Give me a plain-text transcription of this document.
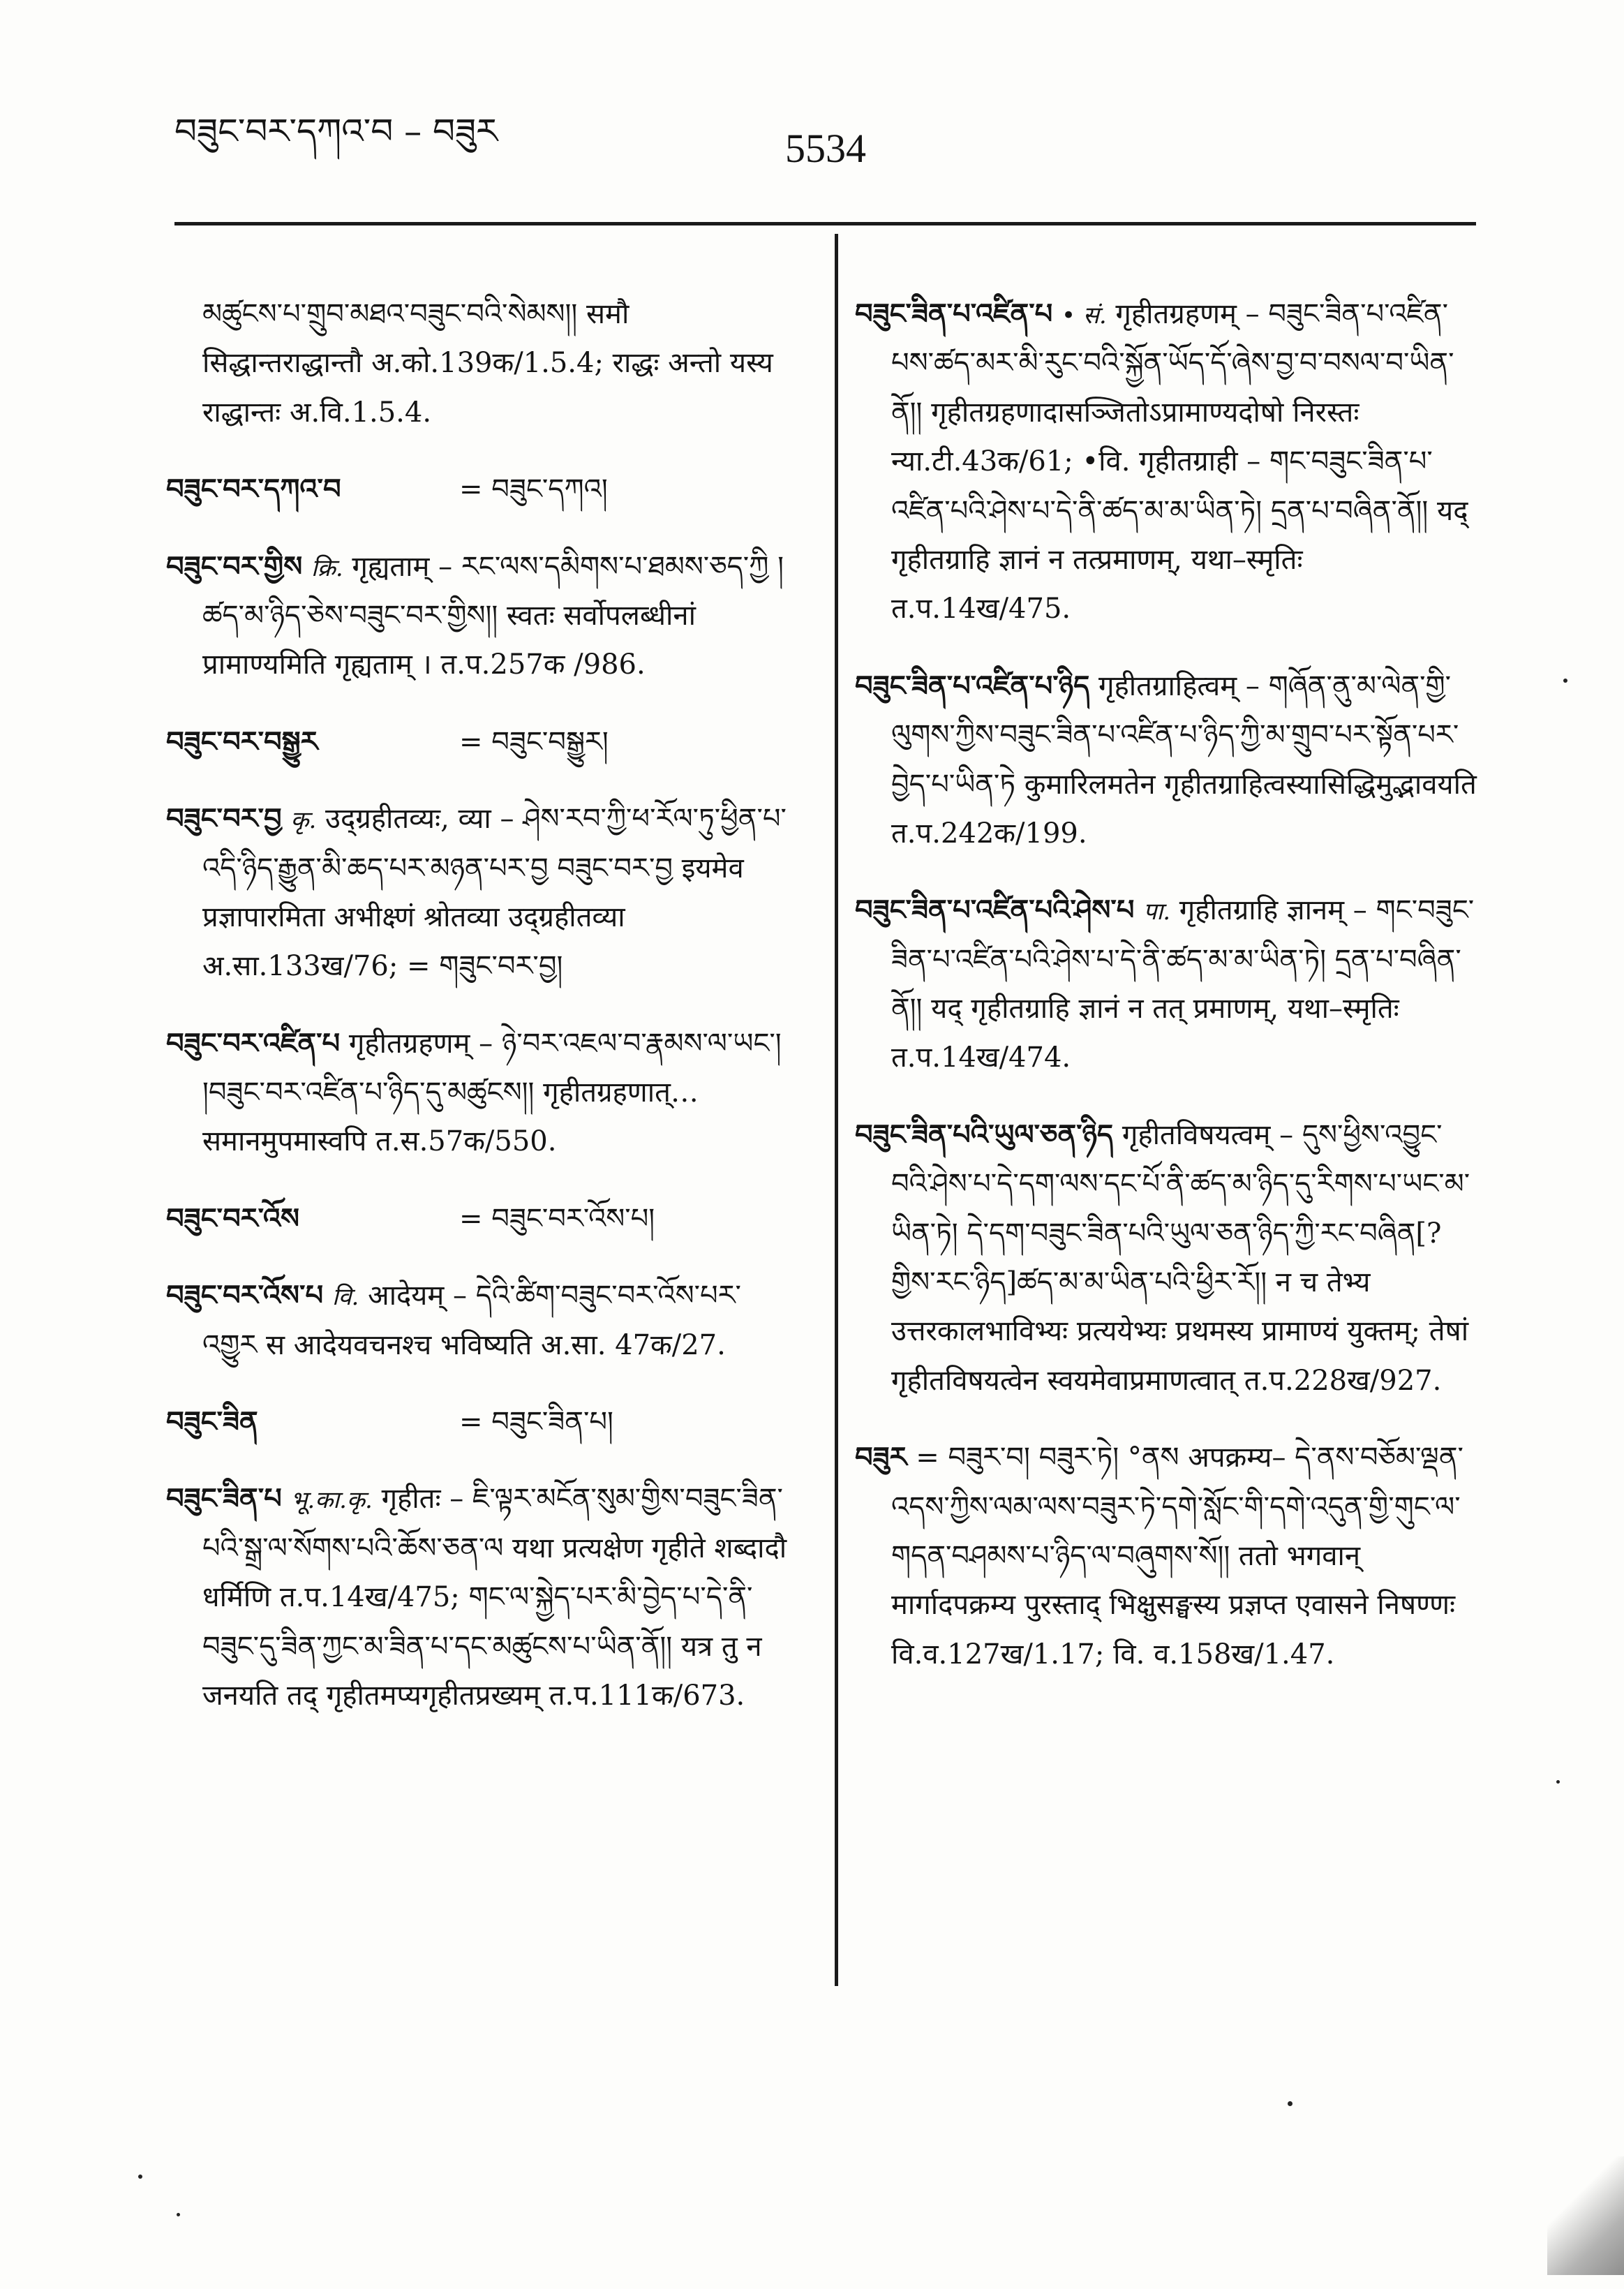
བཟུང་བར་དཀའ་བ – བཟུར	5534

མཚུངས་པ་གྲུབ་མཐའ་བཟུང་བའི་སེམས།། समौ सिद्धान्तराद्धान्तौ अ.को.139क/1.5.4; राद्धः अन्तो यस्य राद्धान्तः अ.वि.1.5.4.

བཟུང་བར་དཀའ་བ	= བཟུང་དཀའ།

བཟུང་བར་གྱིས क्रि. गृह्यताम् – རང་ལས་དམིགས་པ་ཐམས་ཅད་ཀྱི །ཚད་མ་ཉིད་ཅེས་བཟུང་བར་གྱིས།། स्वतः सर्वोपलब्धीनां प्रामाण्यमिति गृह्यताम् । त.प.257क /986.

བཟུང་བར་བསྒྱུར	= བཟུང་བསྒྱུར།

བཟུང་བར་བྱ कृ. उद्ग्रहीतव्यः, व्या – ཤེས་རབ་ཀྱི་ཕ་རོལ་ཏུ་ཕྱིན་པ་འདི་ཉིད་རྒྱུན་མི་ཆད་པར་མཉན་པར་བྱ བཟུང་བར་བྱ इयमेव प्रज्ञापारमिता अभीक्ष्णं श्रोतव्या उद्ग्रहीतव्या अ.सा.133ख/76; = གཟུང་བར་བྱ།

བཟུང་བར་འཛིན་པ गृहीतग्रहणम् – ཉེ་བར་འཇལ་བ་རྣམས་ལ་ཡང་། །བཟུང་བར་འཛིན་པ་ཉིད་དུ་མཚུངས།། गृहीतग्रहणात्…समानमुपमास्वपि त.स.57क/550.

བཟུང་བར་འོས	= བཟུང་བར་འོས་པ།

བཟུང་བར་འོས་པ वि. आदेयम् – དེའི་ཚིག་བཟུང་བར་འོས་པར་འགྱུར स आदेयवचनश्च भविष्यति अ.सा. 47क/27.

བཟུང་ཟིན	= བཟུང་ཟིན་པ།

བཟུང་ཟིན་པ भू.का.कृ. गृहीतः – ཇི་ལྟར་མངོན་སུམ་གྱིས་བཟུང་ཟིན་པའི་སྒྲ་ལ་སོགས་པའི་ཆོས་ཅན་ལ यथा प्रत्यक्षेण गृहीते शब्दादौ धर्मिणि त.प.14ख/475; གང་ལ་སྐྱེད་པར་མི་བྱེད་པ་དེ་ནི་བཟུང་དུ་ཟིན་ཀྱང་མ་ཟིན་པ་དང་མཚུངས་པ་ཡིན་ནོ།། यत्र तु न जनयति तद् गृहीतमप्यगृहीतप्रख्यम् त.प.111क/673.

བཟུང་ཟིན་པ་འཛིན་པ • सं. गृहीतग्रहणम् – བཟུང་ཟིན་པ་འཛིན་པས་ཚད་མར་མི་རུང་བའི་སྐྱོན་ཡོད་དོ་ཞེས་བྱ་བ་བསལ་བ་ཡིན་ནོ།། गृहीतग्रहणादासञ्जितोऽप्रामाण्यदोषो निरस्तः न्या.टी.43क/61; •वि. गृहीतग्राही – གང་བཟུང་ཟིན་པ་འཛིན་པའི་ཤེས་པ་དེ་ནི་ཚད་མ་མ་ཡིན་ཏེ། དྲན་པ་བཞིན་ནོ།། यद् गृहीतग्राहि ज्ञानं न तत्प्रमाणम्, यथा–स्मृतिः त.प.14ख/475.

བཟུང་ཟིན་པ་འཛིན་པ་ཉིད गृहीतग्राहित्वम् – གཞོན་ནུ་མ་ལེན་གྱི་ལུགས་ཀྱིས་བཟུང་ཟིན་པ་འཛིན་པ་ཉིད་ཀྱི་མ་གྲུབ་པར་སྟོན་པར་བྱེད་པ་ཡིན་ཏེ कुमारिलमतेन गृहीतग्राहित्वस्यासिद्धिमुद्भावयति त.प.242क/199.

བཟུང་ཟིན་པ་འཛིན་པའི་ཤེས་པ पा. गृहीतग्राहि ज्ञानम् – གང་བཟུང་ཟིན་པ་འཛིན་པའི་ཤེས་པ་དེ་ནི་ཚད་མ་མ་ཡིན་ཏེ། དྲན་པ་བཞིན་ནོ།། यद् गृहीतग्राहि ज्ञानं न तत् प्रमाणम्, यथा–स्मृतिः त.प.14ख/474.

བཟུང་ཟིན་པའི་ཡུལ་ཅན་ཉིད गृहीतविषयत्वम् – དུས་ཕྱིས་འབྱུང་བའི་ཤེས་པ་དེ་དག་ལས་དང་པོ་ནི་ཚད་མ་ཉིད་དུ་རིགས་པ་ཡང་མ་ཡིན་ཏེ། དེ་དག་བཟུང་ཟིན་པའི་ཡུལ་ཅན་ཉིད་ཀྱི་རང་བཞིན[?གྱིས་རང་ཉིད]ཚད་མ་མ་ཡིན་པའི་ཕྱིར་རོ།། न च तेभ्य उत्तरकालभाविभ्यः प्रत्ययेभ्यः प्रथमस्य प्रामाण्यं युक्तम्; तेषां गृहीतविषयत्वेन स्वयमेवाप्रमाणत्वात् त.प.228ख/927.

བཟུར = བཟུར་བ། བཟུར་ཏེ། °ནས अपक्रम्य– དེ་ནས་བཅོམ་ལྡན་འདས་ཀྱིས་ལམ་ལས་བཟུར་ཏེ་དགེ་སློང་གི་དགེ་འདུན་གྱི་གུང་ལ་གདན་བཤམས་པ་ཉིད་ལ་བཞུགས་སོ།། ततो भगवान् मार्गादपक्रम्य पुरस्ताद् भिक्षुसङ्घस्य प्रज्ञप्त एवासने निषण्णः वि.व.127ख/1.17; वि. व.158ख/1.47.
